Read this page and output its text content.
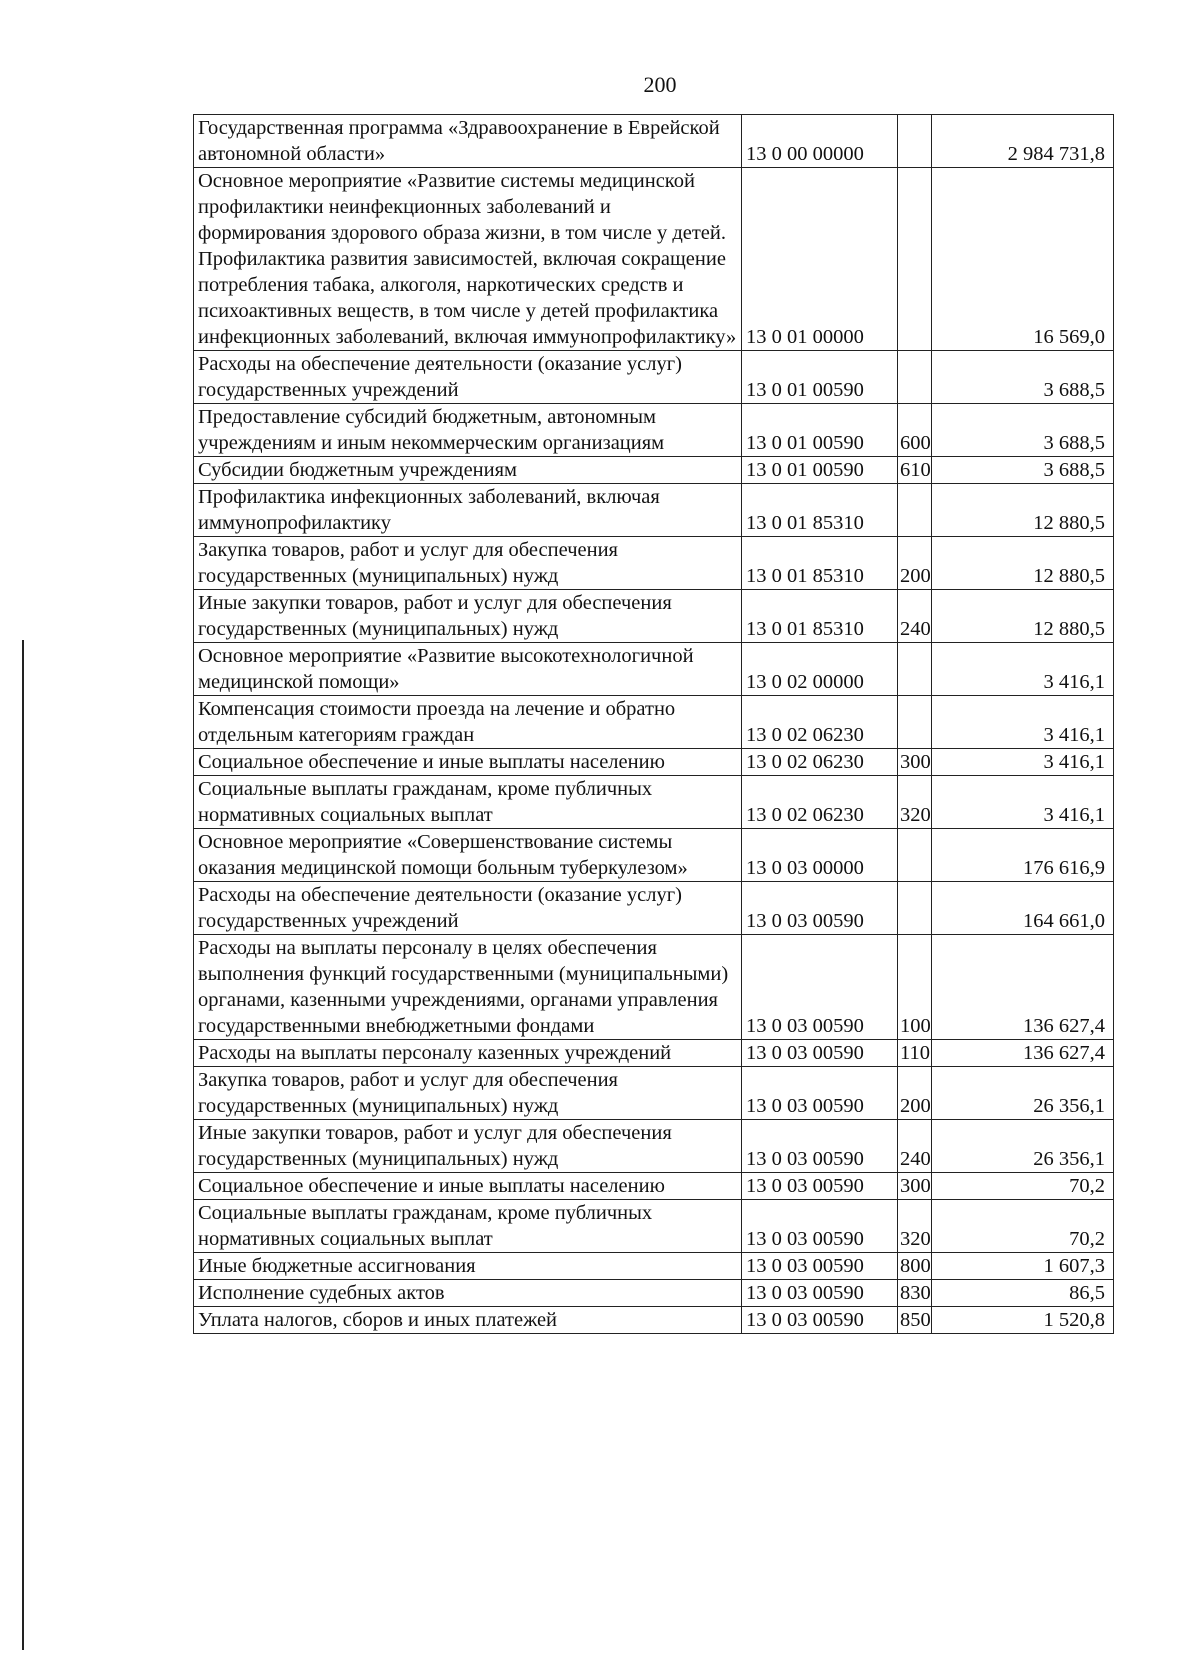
200
Государственная программа «Здравоохранение в Еврейской автономной области»	13 0 00 00000		2 984 731,8
Основное мероприятие «Развитие системы медицинской профилактики неинфекционных заболеваний и формирования здорового образа жизни, в том числе у детей. Профилактика развития зависимостей, включая сокращение потребления табака, алкоголя, наркотических средств и психоактивных веществ, в том числе у детей профилактика инфекционных заболеваний, включая иммунопрофилактику»	13 0 01 00000		16 569,0
Расходы на обеспечение деятельности (оказание услуг) государственных учреждений	13 0 01 00590		3 688,5
Предоставление субсидий бюджетным, автономным учреждениям и иным некоммерческим организациям	13 0 01 00590	600	3 688,5
Субсидии бюджетным учреждениям	13 0 01 00590	610	3 688,5
Профилактика инфекционных заболеваний, включая иммунопрофилактику	13 0 01 85310		12 880,5
Закупка товаров, работ и услуг для обеспечения государственных (муниципальных) нужд	13 0 01 85310	200	12 880,5
Иные закупки товаров, работ и услуг для обеспечения государственных (муниципальных) нужд	13 0 01 85310	240	12 880,5
Основное мероприятие «Развитие высокотехнологичной медицинской помощи»	13 0 02 00000		3 416,1
Компенсация стоимости проезда на лечение и обратно отдельным категориям граждан	13 0 02 06230		3 416,1
Социальное обеспечение и иные выплаты населению	13 0 02 06230	300	3 416,1
Социальные выплаты гражданам, кроме публичных нормативных социальных выплат	13 0 02 06230	320	3 416,1
Основное мероприятие «Совершенствование системы оказания медицинской помощи больным туберкулезом»	13 0 03 00000		176 616,9
Расходы на обеспечение деятельности (оказание услуг) государственных учреждений	13 0 03 00590		164 661,0
Расходы на выплаты персоналу в целях обеспечения выполнения функций государственными (муниципальными) органами, казенными учреждениями, органами управления государственными внебюджетными фондами	13 0 03 00590	100	136 627,4
Расходы на выплаты персоналу казенных учреждений	13 0 03 00590	110	136 627,4
Закупка товаров, работ и услуг для обеспечения государственных (муниципальных) нужд	13 0 03 00590	200	26 356,1
Иные закупки товаров, работ и услуг для обеспечения государственных (муниципальных) нужд	13 0 03 00590	240	26 356,1
Социальное обеспечение и иные выплаты населению	13 0 03 00590	300	70,2
Социальные выплаты гражданам, кроме публичных нормативных социальных выплат	13 0 03 00590	320	70,2
Иные бюджетные ассигнования	13 0 03 00590	800	1 607,3
Исполнение судебных актов	13 0 03 00590	830	86,5
Уплата налогов, сборов и иных платежей	13 0 03 00590	850	1 520,8
